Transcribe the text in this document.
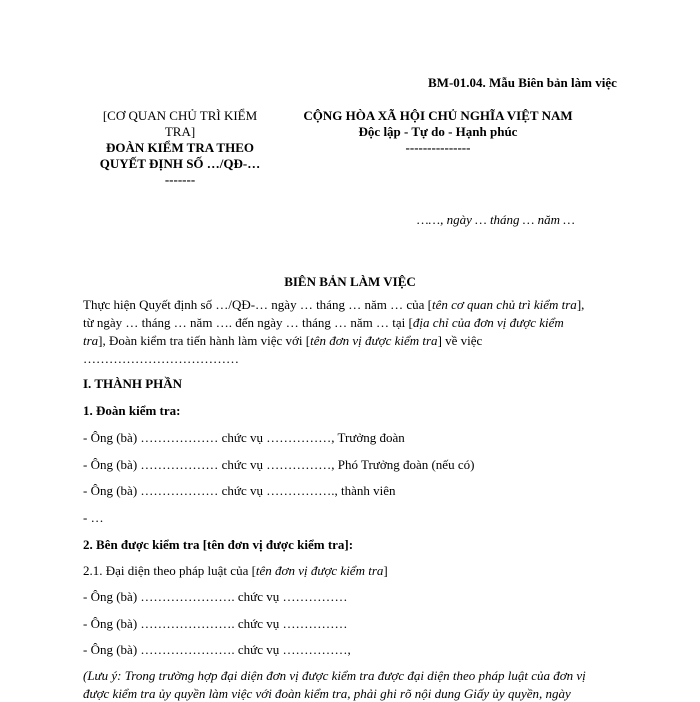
BM-01.04. Mẫu Biên bản làm việc
[CƠ QUAN CHỦ TRÌ KIỂM
TRA]
ĐOÀN KIỂM TRA THEO
QUYẾT ĐỊNH SỐ …/QĐ-…
-------
CỘNG HÒA XÃ HỘI CHỦ NGHĨA VIỆT NAM
Độc lập - Tự do - Hạnh phúc
---------------
……, ngày … tháng … năm …
BIÊN BẢN LÀM VIỆC
Thực hiện Quyết định số …/QĐ-… ngày … tháng … năm … của [tên cơ quan chủ trì kiểm tra],
từ ngày … tháng … năm …. đến ngày … tháng … năm … tại [địa chỉ của đơn vị được kiểm
tra], Đoàn kiểm tra tiến hành làm việc với [tên đơn vị được kiểm tra] về việc
………………………………
I. THÀNH PHẦN
1. Đoàn kiểm tra:
- Ông (bà) ……………… chức vụ ……………, Trưởng đoàn
- Ông (bà) ……………… chức vụ ……………, Phó Trưởng đoàn (nếu có)
- Ông (bà) ……………… chức vụ ……………., thành viên
- …
2. Bên được kiểm tra [tên đơn vị được kiểm tra]:
2.1. Đại diện theo pháp luật của [tên đơn vị được kiểm tra]
- Ông (bà) …………………. chức vụ ……………
- Ông (bà) …………………. chức vụ ……………
- Ông (bà) …………………. chức vụ ……………,
(Lưu ý: Trong trường hợp đại diện đơn vị được kiểm tra được đại diện theo pháp luật của đơn vị
được kiểm tra ủy quyền làm việc với đoàn kiểm tra, phải ghi rõ nội dung Giấy ủy quyền, ngày
